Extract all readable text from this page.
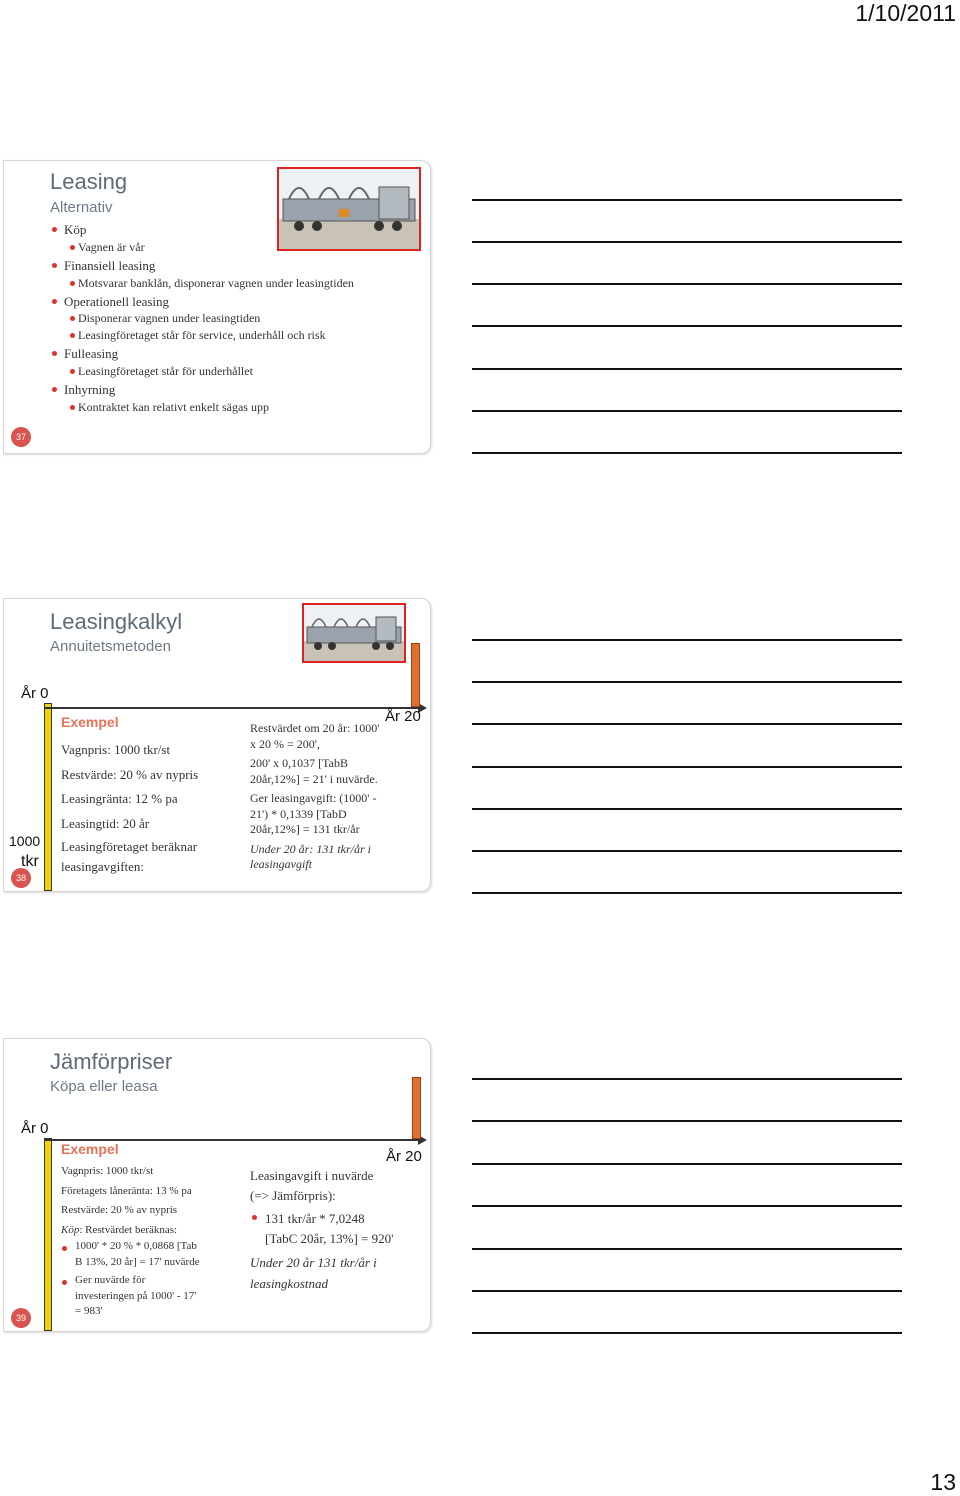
1/10/2011
Leasing
Alternativ
Köp
Vagnen är vår
Finansiell leasing
Motsvarar banklån, disponerar vagnen under leasingtiden
Operationell leasing
Disponerar vagnen under leasingtiden
Leasingföretaget står för service, underhåll och risk
Fulleasing
Leasingföretaget står för underhållet
Inhyrning
Kontraktet kan relativt enkelt sägas upp
37
Leasingkalkyl
Annuitetsmetoden
Exempel
Vagnpris: 1000 tkr/st
Restvärde: 20 % av nypris
Leasingränta: 12 % pa
Leasingtid: 20 år
Leasingföretaget beräknar
leasingavgiften:
Restvärdet om 20 år: 1000'
x 20 % = 200',
200' x 0,1037 [TabB
20år,12%] = 21' i nuvärde.
Ger leasingavgift: (1000' -
21') * 0,1339 [TabD
20år,12%] = 131 tkr/år
Under 20 år: 131 tkr/år i
leasingavgift
38
År 0
År 20
1000
tkr
Jämförpriser
Köpa eller leasa
Exempel
Vagnpris: 1000 tkr/st
Företagets låneränta: 13 % pa
Restvärde: 20 % av nypris
Köp: Restvärdet beräknas:
1000' * 20 % * 0,0868 [Tab
B 13%, 20 år] = 17' nuvärde
Ger nuvärde för
investeringen på 1000' - 17'
= 983'
Leasingavgift i nuvärde
(=> Jämförpris):
131 tkr/år * 7,0248
[TabC 20år, 13%] = 920'
Under 20 år 131 tkr/år i
leasingkostnad
39
År 0
År 20
13
